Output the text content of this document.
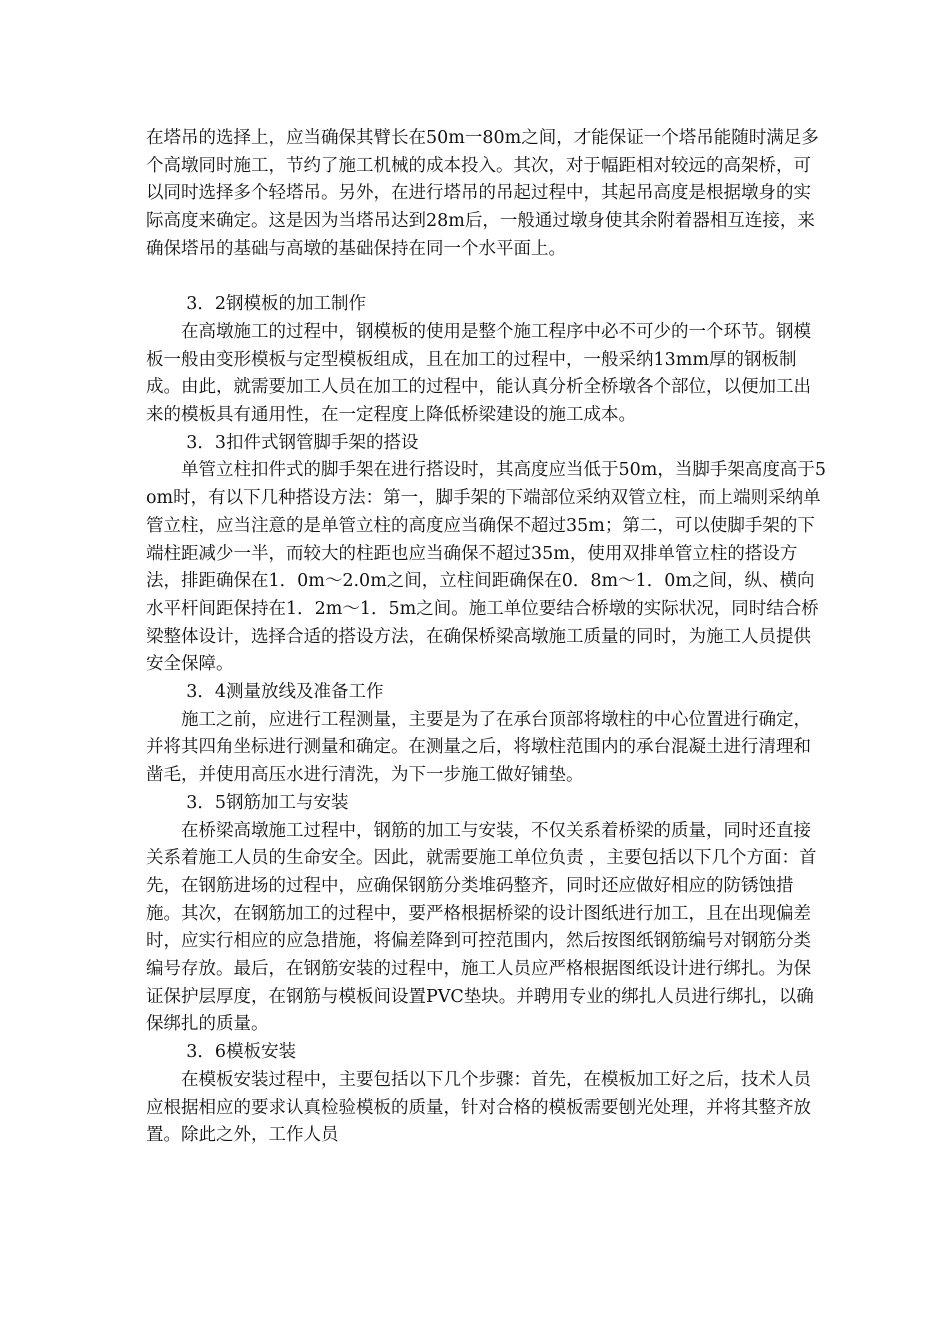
在塔吊的选择上，应当确保其臂长在50m一80m之间，才能保证一个塔吊能随时满足多个高墩同时施工，节约了施工机械的成本投入。其次，对于幅距相对较远的高架桥，可以同时选择多个轻塔吊。另外，在进行塔吊的吊起过程中，其起吊高度是根据墩身的实际高度来确定。这是因为当塔吊达到28m后，一般通过墩身使其余附着器相互连接，来确保塔吊的基础与高墩的基础保持在同一个水平面上。

3．2钢模板的加工制作

在高墩施工的过程中，钢模板的使用是整个施工程序中必不可少的一个环节。钢模板一般由变形模板与定型模板组成，且在加工的过程中，一般采纳13mm厚的钢板制成。由此，就需要加工人员在加工的过程中，能认真分析全桥墩各个部位，以便加工出来的模板具有通用性，在一定程度上降低桥梁建设的施工成本。

3．3扣件式钢管脚手架的搭设

单管立柱扣件式的脚手架在进行搭设时，其高度应当低于50m，当脚手架高度高于5om时，有以下几种搭设方法：第一，脚手架的下端部位采纳双管立柱，而上端则采纳单管立柱，应当注意的是单管立柱的高度应当确保不超过35m；第二，可以使脚手架的下端柱距减少一半，而较大的柱距也应当确保不超过35m，使用双排单管立柱的搭设方法，排距确保在1．0m～2.0m之间，立柱间距确保在0．8m～1．0m之间，纵、横向水平杆间距保持在1．2m～1．5m之间。施工单位要结合桥墩的实际状况，同时结合桥梁整体设计，选择合适的搭设方法，在确保桥梁高墩施工质量的同时，为施工人员提供安全保障。

3．4测量放线及准备工作

施工之前，应进行工程测量，主要是为了在承台顶部将墩柱的中心位置进行确定，并将其四角坐标进行测量和确定。在测量之后，将墩柱范围内的承台混凝土进行清理和凿毛，并使用高压水进行清洗，为下一步施工做好铺垫。

3．5钢筋加工与安装

在桥梁高墩施工过程中，钢筋的加工与安装，不仅关系着桥梁的质量，同时还直接关系着施工人员的生命安全。因此，就需要施工单位负责 ，主要包括以下几个方面：首先，在钢筋进场的过程中，应确保钢筋分类堆码整齐，同时还应做好相应的防锈蚀措施。其次，在钢筋加工的过程中，要严格根据桥梁的设计图纸进行加工，且在出现偏差时，应实行相应的应急措施，将偏差降到可控范围内，然后按图纸钢筋编号对钢筋分类编号存放。最后，在钢筋安装的过程中，施工人员应严格根据图纸设计进行绑扎。为保证保护层厚度，在钢筋与模板间设置PVC垫块。并聘用专业的绑扎人员进行绑扎，以确保绑扎的质量。

3．6模板安装

在模板安装过程中，主要包括以下几个步骤：首先，在模板加工好之后，技术人员应根据相应的要求认真检验模板的质量，针对合格的模板需要刨光处理，并将其整齐放置。除此之外，工作人员
